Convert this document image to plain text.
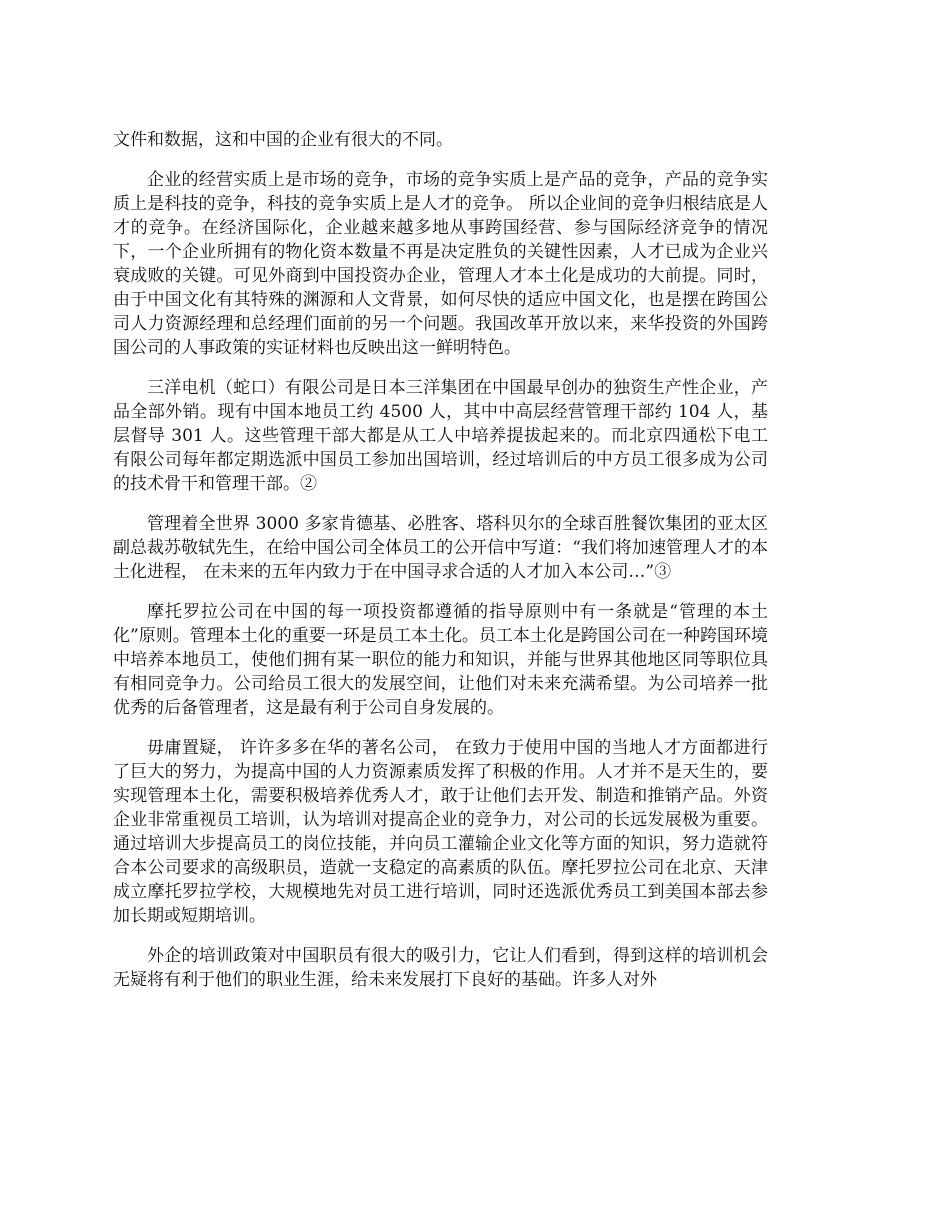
文件和数据，这和中国的企业有很大的不同。

企业的经营实质上是市场的竞争，市场的竞争实质上是产品的竞争，产品的竞争实质上是科技的竞争，科技的竞争实质上是人才的竞争。 所以企业间的竞争归根结底是人才的竞争。在经济国际化，企业越来越多地从事跨国经营、参与国际经济竞争的情况下，一个企业所拥有的物化资本数量不再是决定胜负的关键性因素，人才已成为企业兴衰成败的关键。可见外商到中国投资办企业，管理人才本土化是成功的大前提。同时，由于中国文化有其特殊的渊源和人文背景，如何尽快的适应中国文化，也是摆在跨国公司人力资源经理和总经理们面前的另一个问题。我国改革开放以来，来华投资的外国跨国公司的人事政策的实证材料也反映出这一鲜明特色。

三洋电机（蛇口）有限公司是日本三洋集团在中国最早创办的独资生产性企业，产品全部外销。现有中国本地员工约 4500 人，其中中高层经营管理干部约 104 人，基层督导 301 人。这些管理干部大都是从工人中培养提拔起来的。而北京四通松下电工有限公司每年都定期选派中国员工参加出国培训，经过培训后的中方员工很多成为公司的技术骨干和管理干部。②

管理着全世界 3000 多家肯德基、必胜客、塔科贝尔的全球百胜餐饮集团的亚太区副总裁苏敬轼先生，在给中国公司全体员工的公开信中写道：“我们将加速管理人才的本土化进程， 在未来的五年内致力于在中国寻求合适的人才加入本公司…”③

摩托罗拉公司在中国的每一项投资都遵循的指导原则中有一条就是“管理的本土化”原则。管理本土化的重要一环是员工本土化。员工本土化是跨国公司在一种跨国环境中培养本地员工，使他们拥有某一职位的能力和知识，并能与世界其他地区同等职位具有相同竞争力。公司给员工很大的发展空间，让他们对未来充满希望。为公司培养一批优秀的后备管理者，这是最有利于公司自身发展的。

毋庸置疑， 许许多多在华的著名公司， 在致力于使用中国的当地人才方面都进行了巨大的努力，为提高中国的人力资源素质发挥了积极的作用。人才并不是天生的，要实现管理本土化，需要积极培养优秀人才，敢于让他们去开发、制造和推销产品。外资企业非常重视员工培训，认为培训对提高企业的竞争力，对公司的长远发展极为重要。通过培训大步提高员工的岗位技能，并向员工灌输企业文化等方面的知识，努力造就符合本公司要求的高级职员，造就一支稳定的高素质的队伍。摩托罗拉公司在北京、天津成立摩托罗拉学校，大规模地先对员工进行培训，同时还选派优秀员工到美国本部去参加长期或短期培训。

外企的培训政策对中国职员有很大的吸引力，它让人们看到，得到这样的培训机会无疑将有利于他们的职业生涯，给未来发展打下良好的基础。许多人对外
